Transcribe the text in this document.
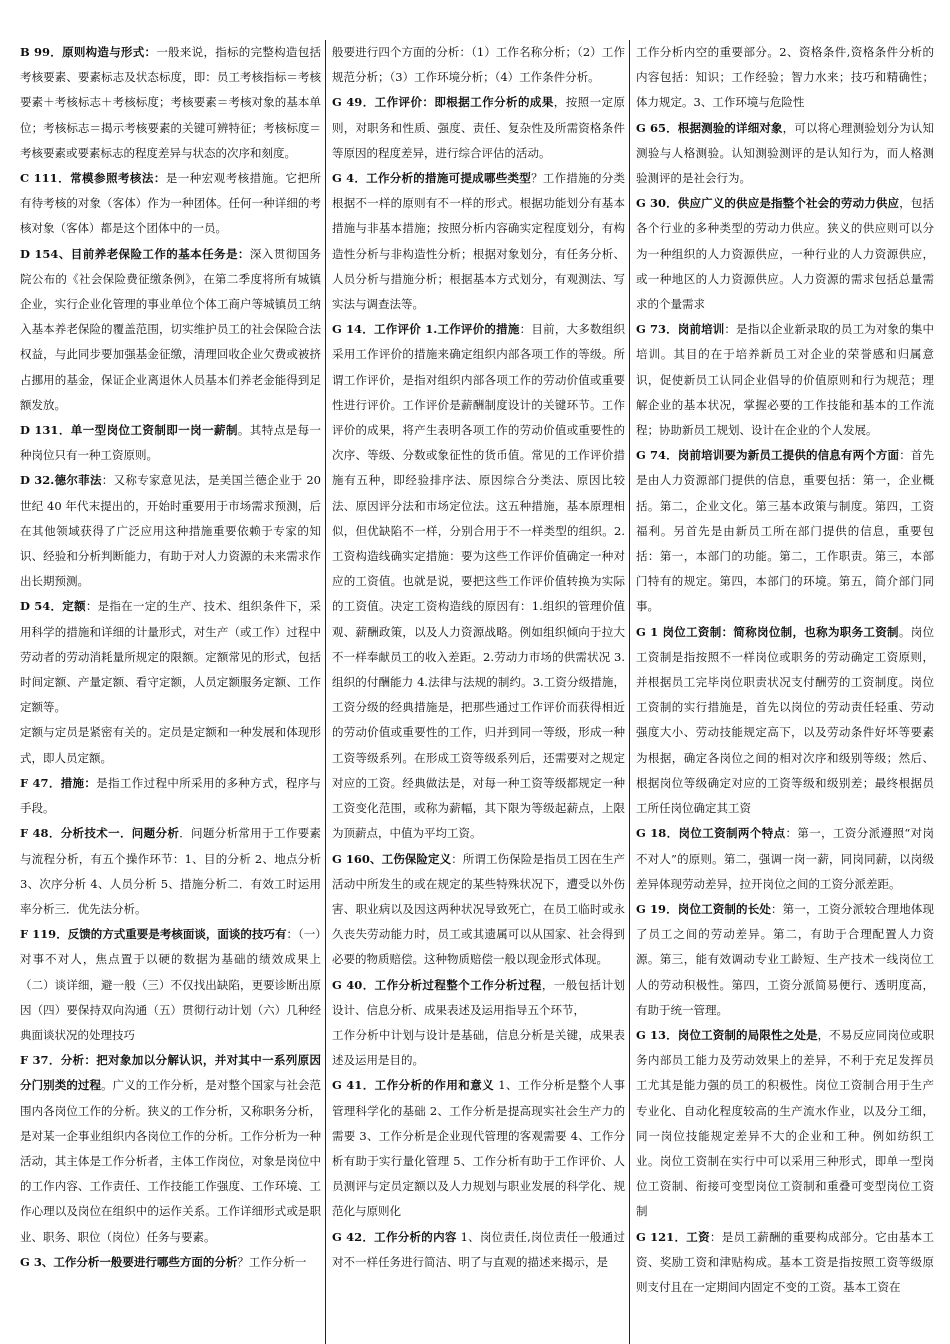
B 99．原则构造与形式：一般来说，指标的完整构造包括考核要素、要素标志及状态标度，即：员工考核指标＝考核要素＋考核标志＋考核标度；考核要素＝考核对象的基本单位；考核标志＝揭示考核要素的关键可辨特征；考核标度＝考核要素或要素标志的程度差异与状态的次序和刻度。

C 111．常模参照考核法：是一种宏观考核措施。它把所有待考核的对象（客体）作为一种团体。任何一种详细的考核对象（客体）都是这个团体中的一员。

D 154、目前养老保险工作的基本任务是：深入贯彻国务院公布的《社会保险费征缴条例》，在第二季度将所有城镇企业，实行企业化管理的事业单位个体工商户等城镇员工纳入基本养老保险的覆盖范围，切实维护员工的社会保险合法权益，与此同步要加强基金征缴，清理回收企业欠费或被挤占挪用的基金，保证企业离退休人员基本们养老金能得到足额发放。

D 131．单一型岗位工资制即一岗一薪制。其特点是每一种岗位只有一种工资原则。

D 32.德尔菲法：又称专家意见法，是美国兰德企业于 20 世纪 40 年代末提出的，开始时重要用于市场需求预测，后在其他领域获得了广泛应用这种措施重要依赖于专家的知识、经验和分析判断能力，有助于对人力资源的未来需求作出长期预测。

D 54．定额：是指在一定的生产、技术、组织条件下，采用科学的措施和详细的计量形式，对生产（或工作）过程中劳动者的劳动消耗量所规定的限额。定额常见的形式，包括时间定额、产量定额、看守定额，人员定额服务定额、工作定额等。

定额与定员是紧密有关的。定员是定额和一种发展和体现形式，即人员定额。

F 47．措施：是指工作过程中所采用的多种方式，程序与手段。

F 48．分析技术一．问题分析．问题分析常用于工作要素与流程分析，有五个操作环节：1、目的分析 2、地点分析 3、次序分析 4、人员分析 5、措施分析二．有效工时运用率分析三．优先法分析。

F 119．反馈的方式重要是考核面谈，面谈的技巧有：（一）对事不对人，焦点置于以硬的数据为基础的绩效成果上（二）谈详细，避一般（三）不仅找出缺陷，更要诊断出原因（四）要保持双向沟通（五）贯彻行动计划（六）几种经典面谈状况的处理技巧

F 37．分析：把对象加以分解认识，并对其中一系列原因分门别类的过程。广义的工作分析，是对整个国家与社会范围内各岗位工作的分析。狭义的工作分析，又称职务分析，是对某一企事业组织内各岗位工作的分析。工作分析为一种活动，其主体是工作分析者，主体工作岗位，对象是岗位中的工作内容、工作责任、工作技能工作强度、工作环境、工作心理以及岗位在组织中的运作关系。工作详细形式或是职业、职务、职位（岗位）任务与要素。

G 3、工作分析一般要进行哪些方面的分析？工作分析一

般要进行四个方面的分析：（1）工作名称分析；（2）工作规范分析；（3）工作环境分析；（4）工作条件分析。

G 49．工作评价：即根据工作分析的成果，按照一定原则，对职务和性质、强度、责任、复杂性及所需资格条件等原因的程度差异，进行综合评估的活动。

G 4．工作分析的措施可提成哪些类型？工作措施的分类根据不一样的原则有不一样的形式。根据功能划分有基本措施与非基本措施；按照分析内容确实定程度划分，有构造性分析与非构造性分析；根据对象划分，有任务分析、人员分析与措施分析；根据基本方式划分，有观测法、写实法与调查法等。

G 14．工作评价 1.工作评价的措施：目前，大多数组织采用工作评价的措施来确定组织内部各项工作的等级。所谓工作评价，是指对组织内部各项工作的劳动价值或重要性进行评价。工作评价是薪酬制度设计的关键环节。工作评价的成果，将产生表明各项工作的劳动价值或重要性的次序、等级、分数或象征性的货币值。常见的工作评价措施有五种，即经验排序法、原因综合分类法、原因比较法、原因评分法和市场定位法。这五种措施，基本原理相似，但优缺陷不一样，分别合用于不一样类型的组织。2.工资构造线确实定措施：要为这些工作评价值确定一种对应的工资值。也就是说，要把这些工作评价值转换为实际的工资值。决定工资构造线的原因有：1.组织的管理价值观、薪酬政策，以及人力资源战略。例如组织倾向于拉大不一样奉献员工的收入差距。2.劳动力市场的供需状况 3.组织的付酬能力 4.法律与法规的制约。3.工资分级措施，工资分级的经典措施是，把那些通过工作评价而获得相近的劳动价值或重要性的工作，归并到同一等级，形成一种工资等级系列。在形成工资等级系列后，还需要对之规定对应的工资。经典做法是，对每一种工资等级都规定一种工资变化范围，或称为薪幅，其下限为等级起薪点，上限为顶薪点，中值为平均工资。

G 160、工伤保险定义：所谓工伤保险是指员工因在生产活动中所发生的或在规定的某些特殊状况下，遭受以外伤害、职业病以及因这两种状况导致死亡，在员工临时或永久丧失劳动能力时，员工或其遗属可以从国家、社会得到必要的物质赔偿。这种物质赔偿一般以现金形式体现。

G 40．工作分析过程整个工作分析过程，一般包括计划设计、信息分析、成果表述及运用指导五个环节，

工作分析中计划与设计是基础，信息分析是关键，成果表述及运用是目的。

G 41．工作分析的作用和意义 1、工作分析是整个人事管理科学化的基础 2、工作分析是提高现实社会生产力的需要 3、工作分析是企业现代管理的客观需要 4、工作分析有助于实行量化管理 5、工作分析有助于工作评价、人员测评与定员定额以及人力规划与职业发展的科学化、规范化与原则化

G 42．工作分析的内容 1、岗位责任,岗位责任一般通过对不一样任务进行简洁、明了与直观的描述来揭示，是

工作分析内空的重要部分。2、资格条件,资格条件分析的内容包括：知识；工作经验；智力水来；技巧和精确性；体力规定。3、工作环境与危险性

G 65．根据测验的详细对象，可以将心理测验划分为认知测验与人格测验。认知测验测评的是认知行为，而人格测验测评的是社会行为。

G 30．供应广义的供应是指整个社会的劳动力供应，包括各个行业的多种类型的劳动力供应。狭义的供应则可以分为一种组织的人力资源供应，一种行业的人力资源供应，或一种地区的人力资源供应。人力资源的需求包括总量需求的个量需求

G 73．岗前培训：是指以企业新录取的员工为对象的集中培训。其目的在于培养新员工对企业的荣誉感和归属意识，促使新员工认同企业倡导的价值原则和行为规范；理解企业的基本状况，掌握必要的工作技能和基本的工作流程；协助新员工规划、设计在企业的个人发展。

G 74．岗前培训要为新员工提供的信息有两个方面：首先是由人力资源部门提供的信息，重要包括：第一，企业概括。第二，企业文化。第三基本政策与制度。第四，工资福利。另首先是由新员工所在部门提供的信息，重要包括：第一，本部门的功能。第二，工作职责。第三，本部门特有的规定。第四，本部门的环境。第五，简介部门同事。

G 1 岗位工资制：简称岗位制，也称为职务工资制。岗位工资制是指按照不一样岗位或职务的劳动确定工资原则，并根据员工完毕岗位职责状况支付酬劳的工资制度。岗位工资制的实行措施是，首先以岗位的劳动责任轻重、劳动强度大小、劳动技能规定高下，以及劳动条件好坏等要素为根据，确定各岗位之间的相对次序和级别等级；然后、根据岗位等级确定对应的工资等级和级别差；最终根据员工所任岗位确定其工资

G 18．岗位工资制两个特点：第一，工资分派遵照“对岗不对人”的原则。第二，强调一岗一薪，同岗同薪，以岗级差异体现劳动差异，拉开岗位之间的工资分派差距。

G 19．岗位工资制的长处：第一，工资分派较合理地体现了员工之间的劳动差异。第二，有助于合理配置人力资源。第三，能有效调动专业工龄短、生产技术一线岗位工人的劳动积极性。第四，工资分派简易便行、透明度高，有助于统一管理。

G 13．岗位工资制的局限性之处是，不易反应同岗位或职务内部员工能力及劳动效果上的差异，不利于充足发挥员工尤其是能力强的员工的积极性。岗位工资制合用于生产专业化、自动化程度较高的生产流水作业，以及分工细，同一岗位技能规定差异不大的企业和工种。例如纺织工业。岗位工资制在实行中可以采用三种形式，即单一型岗位工资制、衔接可变型岗位工资制和重叠可变型岗位工资制

G 121．工资：是员工薪酬的重要构成部分。它由基本工资、奖励工资和津贴构成。基本工资是指按照工资等级原则支付且在一定期间内固定不变的工资。基本工资在
